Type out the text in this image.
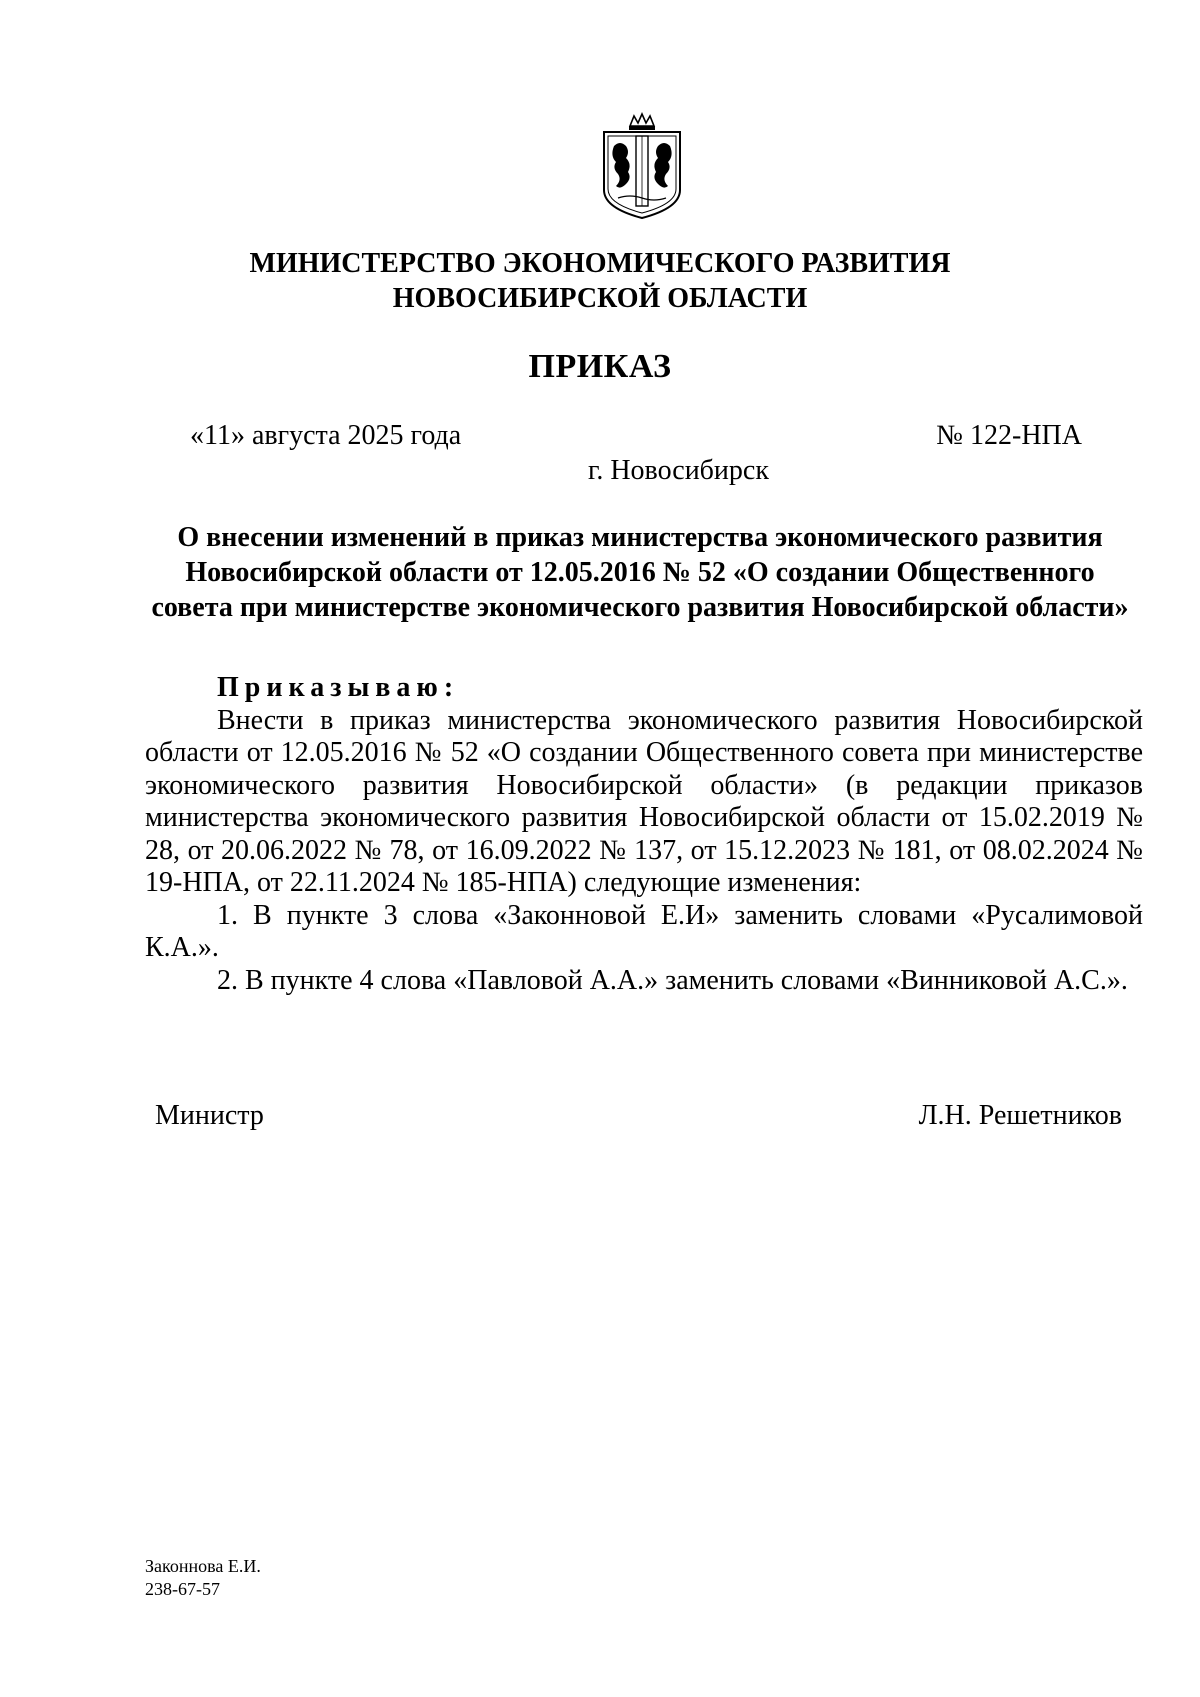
МИНИСТЕРСТВО ЭКОНОМИЧЕСКОГО РАЗВИТИЯ
НОВОСИБИРСКОЙ ОБЛАСТИ
ПРИКАЗ
«11» августа 2025 года	№ 122-НПА
г. Новосибирск
О внесении изменений в приказ министерства экономического развития
Новосибирской области от 12.05.2016 № 52 «О создании Общественного
совета при министерстве экономического развития Новосибирской области»
Приказываю:

Внести в приказ министерства экономического развития Новосибирской области от 12.05.2016 № 52 «О создании Общественного совета при министерстве экономического развития Новосибирской области» (в редакции приказов министерства экономического развития Новосибирской области от 15.02.2019 № 28, от 20.06.2022 № 78, от 16.09.2022 № 137, от 15.12.2023 № 181, от 08.02.2024 № 19-НПА, от 22.11.2024 № 185-НПА) следующие изменения:

1. В пункте 3 слова «Законновой Е.И» заменить словами «Русалимовой К.А.».

2. В пункте 4 слова «Павловой А.А.» заменить словами «Винниковой А.С.».

Министр	Л.Н. Решетников
Законнова Е.И.
238-67-57
